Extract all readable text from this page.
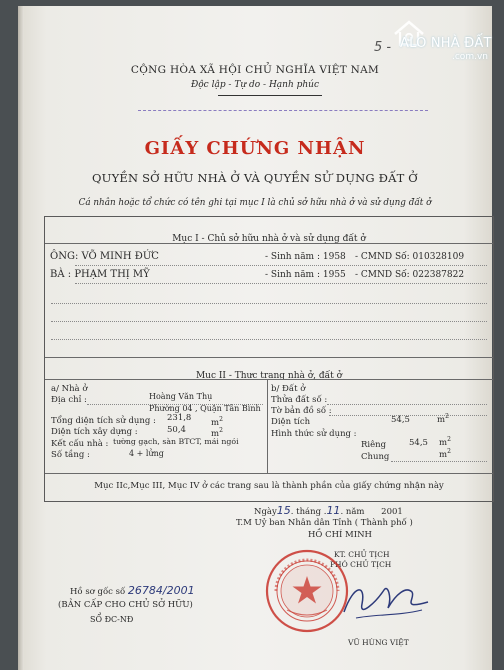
5 -
CỘNG HÒA XÃ HỘI CHỦ NGHĨA VIỆT NAM
Độc lập - Tự do - Hạnh phúc
GIẤY CHỨNG NHẬN
QUYỀN SỞ HỮU NHÀ Ở VÀ QUYỀN SỬ DỤNG ĐẤT Ở
Cá nhân hoặc tổ chức có tên ghi tại mục I là chủ sở hữu nhà ở và sử dụng đất ở
Mục I - Chủ sở hữu nhà ở và sử dụng đất ở
ÔNG: VÕ MINH ĐỨC	- Sinh năm : 1958 - CMND Số: 010328109
BÀ : PHẠM THỊ MỸ	- Sinh năm : 1955 - CMND Số: 022387822
Mục II - Thực trạng nhà ở, đất ở
a/ Nhà ở
Địa chỉ :	Hoàng Văn Thụ
Phường 04 , Quận Tân Bình
Tổng diện tích sử dụng : 231,8 $m^2$
Diện tích xây dựng :	50,4	$m^2$
Kết cấu nhà : tường gạch, sàn BTCT, mái ngói
Số tầng :	4 + lửng
b/ Đất ở
Thửa đất số :
Tờ bản đồ số :
Diện tích	54,5	$m^2$
Hình thức sử dụng :
Riêng	54,5 $m^2$
Chung	$m^2$
Mục IIc,Mục III, Mục IV ở các trang sau là thành phần của giấy chứng nhận này
Ngày15. tháng .11. năm 2001
T.M Uỷ ban Nhân dân Tỉnh ( Thành phố )
HỒ CHÍ MINH
KT. CHỦ TỊCH
PHÓ CHỦ TỊCH
VŨ HÙNG VIỆT
Hồ sơ gốc số 26784/2001
(BẢN CẤP CHO CHỦ SỞ HỮU)
SỔ ĐC-NĐ
ALO NHÀ ĐẤT
.com.vn
